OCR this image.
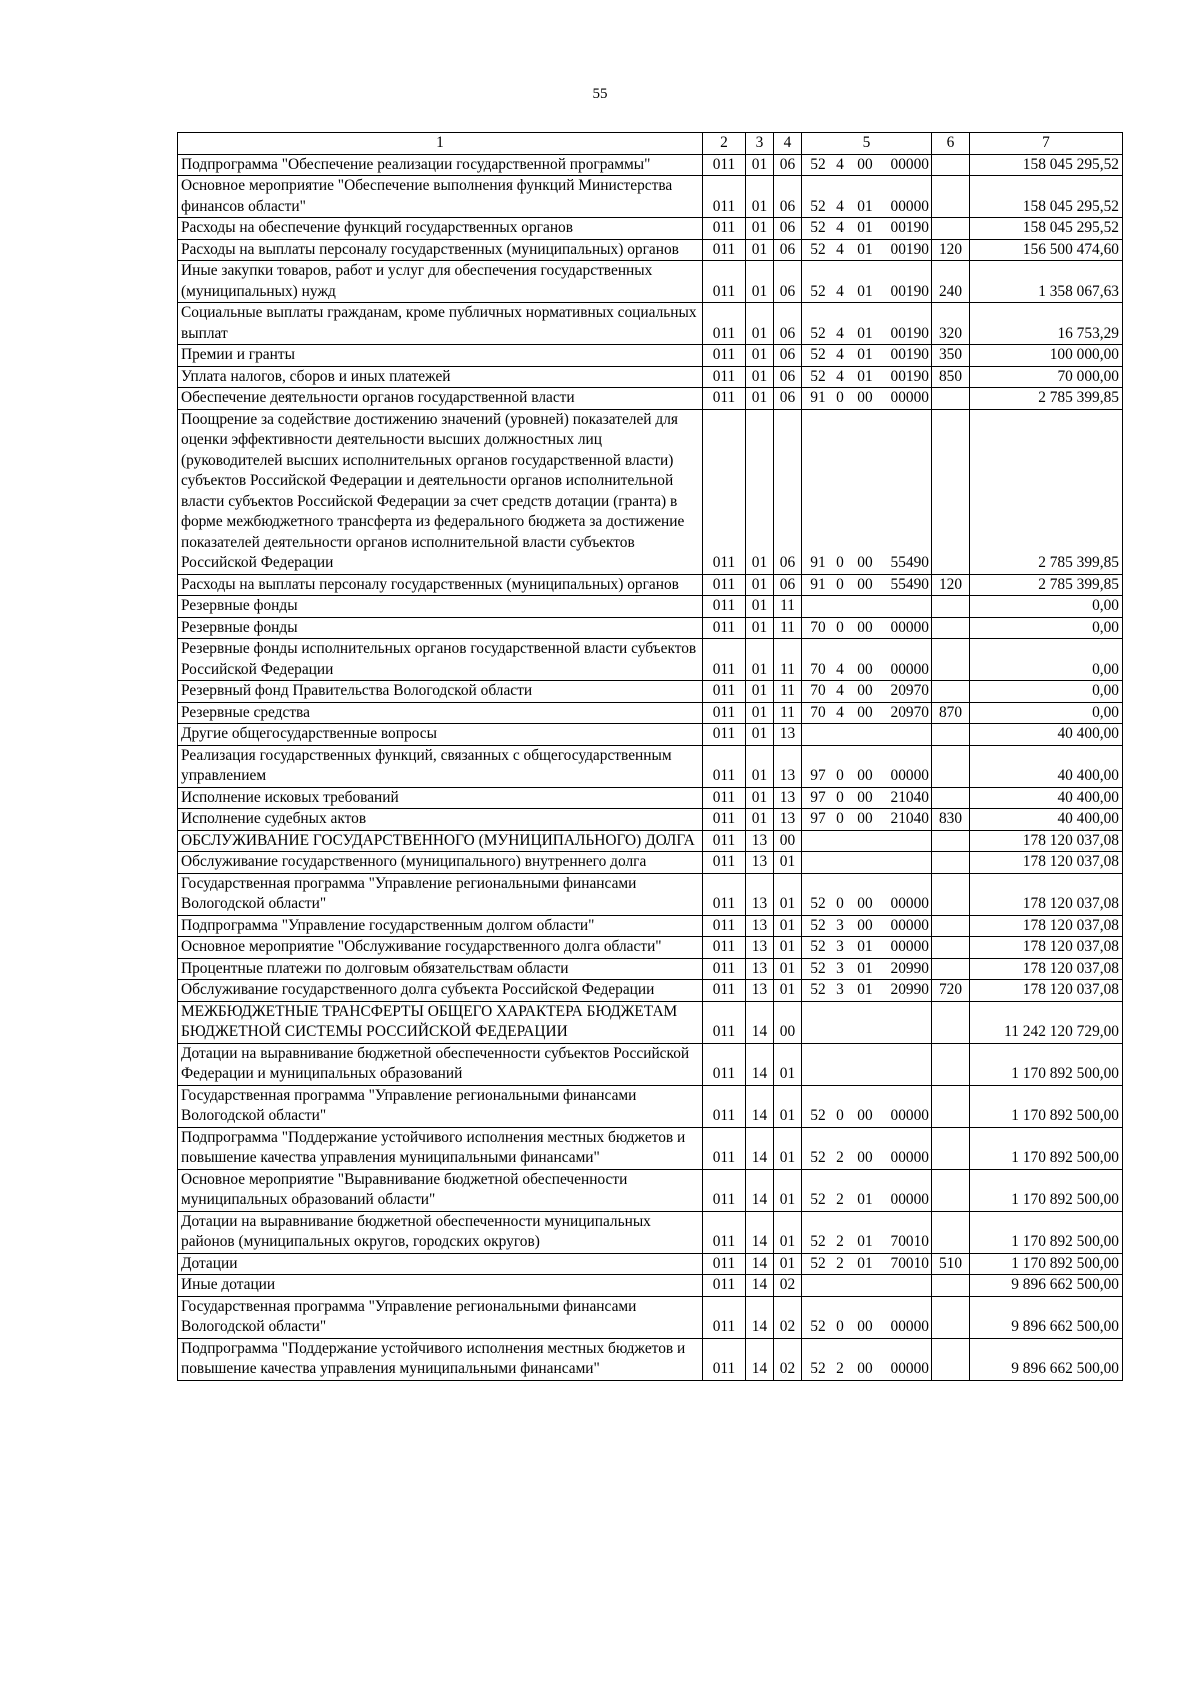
55
1	2	3	4	5	6	7
Подпрограмма "Обеспечение реализации государственной программы"	011	01	06	52 4 00 00000		158 045 295,52
Основное мероприятие "Обеспечение выполнения функций Министерства финансов области"	011	01	06	52 4 01 00000		158 045 295,52
Расходы на обеспечение функций государственных органов	011	01	06	52 4 01 00190		158 045 295,52
Расходы на выплаты персоналу государственных (муниципальных) органов	011	01	06	52 4 01 00190	120	156 500 474,60
Иные закупки товаров, работ и услуг для обеспечения государственных (муниципальных) нужд	011	01	06	52 4 01 00190	240	1 358 067,63
Социальные выплаты гражданам, кроме публичных нормативных социальных выплат	011	01	06	52 4 01 00190	320	16 753,29
Премии и гранты	011	01	06	52 4 01 00190	350	100 000,00
Уплата налогов, сборов и иных платежей	011	01	06	52 4 01 00190	850	70 000,00
Обеспечение деятельности органов государственной власти	011	01	06	91 0 00 00000		2 785 399,85
Поощрение за содействие достижению значений (уровней) показателей для оценки эффективности деятельности высших должностных лиц (руководителей высших исполнительных органов государственной власти) субъектов Российской Федерации и деятельности органов исполнительной власти субъектов Российской Федерации за счет средств дотации (гранта) в форме межбюджетного трансферта из федерального бюджета за достижение показателей деятельности органов исполнительной власти субъектов Российской Федерации	011	01	06	91 0 00 55490		2 785 399,85
Расходы на выплаты персоналу государственных (муниципальных) органов	011	01	06	91 0 00 55490	120	2 785 399,85
Резервные фонды	011	01	11			0,00
Резервные фонды	011	01	11	70 0 00 00000		0,00
Резервные фонды исполнительных органов государственной власти субъектов Российской Федерации	011	01	11	70 4 00 00000		0,00
Резервный фонд Правительства Вологодской области	011	01	11	70 4 00 20970		0,00
Резервные средства	011	01	11	70 4 00 20970	870	0,00
Другие общегосударственные вопросы	011	01	13			40 400,00
Реализация государственных функций, связанных с общегосударственным управлением	011	01	13	97 0 00 00000		40 400,00
Исполнение исковых требований	011	01	13	97 0 00 21040		40 400,00
Исполнение судебных актов	011	01	13	97 0 00 21040	830	40 400,00
ОБСЛУЖИВАНИЕ ГОСУДАРСТВЕННОГО (МУНИЦИПАЛЬНОГО) ДОЛГА	011	13	00			178 120 037,08
Обслуживание государственного (муниципального) внутреннего долга	011	13	01			178 120 037,08
Государственная программа "Управление региональными финансами Вологодской области"	011	13	01	52 0 00 00000		178 120 037,08
Подпрограмма "Управление государственным долгом области"	011	13	01	52 3 00 00000		178 120 037,08
Основное мероприятие "Обслуживание государственного долга области"	011	13	01	52 3 01 00000		178 120 037,08
Процентные платежи по долговым обязательствам области	011	13	01	52 3 01 20990		178 120 037,08
Обслуживание государственного долга субъекта Российской Федерации	011	13	01	52 3 01 20990	720	178 120 037,08
МЕЖБЮДЖЕТНЫЕ ТРАНСФЕРТЫ ОБЩЕГО ХАРАКТЕРА БЮДЖЕТАМ БЮДЖЕТНОЙ СИСТЕМЫ РОССИЙСКОЙ ФЕДЕРАЦИИ	011	14	00			11 242 120 729,00
Дотации на выравнивание бюджетной обеспеченности субъектов Российской Федерации и муниципальных образований	011	14	01			1 170 892 500,00
Государственная программа "Управление региональными финансами Вологодской области"	011	14	01	52 0 00 00000		1 170 892 500,00
Подпрограмма "Поддержание устойчивого исполнения местных бюджетов и повышение качества управления муниципальными финансами"	011	14	01	52 2 00 00000		1 170 892 500,00
Основное мероприятие "Выравнивание бюджетной обеспеченности муниципальных образований области"	011	14	01	52 2 01 00000		1 170 892 500,00
Дотации на выравнивание бюджетной обеспеченности муниципальных районов (муниципальных округов, городских округов)	011	14	01	52 2 01 70010		1 170 892 500,00
Дотации	011	14	01	52 2 01 70010	510	1 170 892 500,00
Иные дотации	011	14	02			9 896 662 500,00
Государственная программа "Управление региональными финансами Вологодской области"	011	14	02	52 0 00 00000		9 896 662 500,00
Подпрограмма "Поддержание устойчивого исполнения местных бюджетов и повышение качества управления муниципальными финансами"	011	14	02	52 2 00 00000		9 896 662 500,00
